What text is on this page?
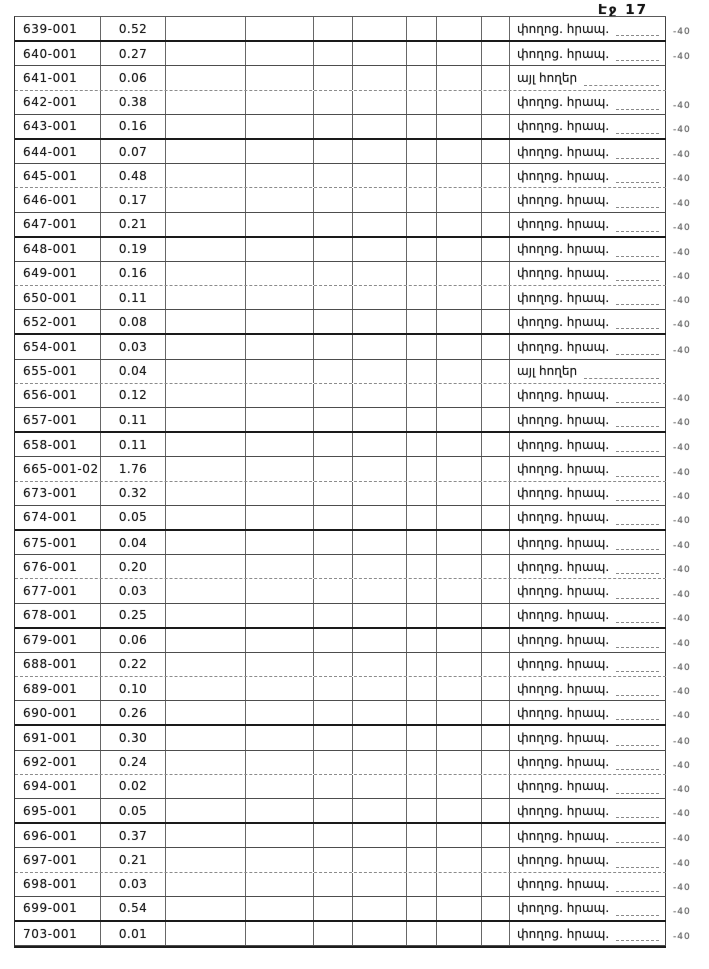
Էջ 17
639-001	0.52	փողոց. հրապ.	-40
640-001	0.27	փողոց. հրապ.	-40
641-001	0.06	այլ հողեր
642-001	0.38	փողոց. հրապ.	-40
643-001	0.16	փողոց. հրապ.	-40
644-001	0.07	փողոց. հրապ.	-40
645-001	0.48	փողոց. հրապ.	-40
646-001	0.17	փողոց. հրապ.	-40
647-001	0.21	փողոց. հրապ.	-40
648-001	0.19	փողոց. հրապ.	-40
649-001	0.16	փողոց. հրապ.	-40
650-001	0.11	փողոց. հրապ.	-40
652-001	0.08	փողոց. հրապ.	-40
654-001	0.03	փողոց. հրապ.	-40
655-001	0.04	այլ հողեր
656-001	0.12	փողոց. հրապ.	-40
657-001	0.11	փողոց. հրապ.	-40
658-001	0.11	փողոց. հրապ.	-40
665-001-02	1.76	փողոց. հրապ.	-40
673-001	0.32	փողոց. հրապ.	-40
674-001	0.05	փողոց. հրապ.	-40
675-001	0.04	փողոց. հրապ.	-40
676-001	0.20	փողոց. հրապ.	-40
677-001	0.03	փողոց. հրապ.	-40
678-001	0.25	փողոց. հրապ.	-40
679-001	0.06	փողոց. հրապ.	-40
688-001	0.22	փողոց. հրապ.	-40
689-001	0.10	փողոց. հրապ.	-40
690-001	0.26	փողոց. հրապ.	-40
691-001	0.30	փողոց. հրապ.	-40
692-001	0.24	փողոց. հրապ.	-40
694-001	0.02	փողոց. հրապ.	-40
695-001	0.05	փողոց. հրապ.	-40
696-001	0.37	փողոց. հրապ.	-40
697-001	0.21	փողոց. հրապ.	-40
698-001	0.03	փողոց. հրապ.	-40
699-001	0.54	փողոց. հրապ.	-40
703-001	0.01	փողոց. հրապ.	-40
